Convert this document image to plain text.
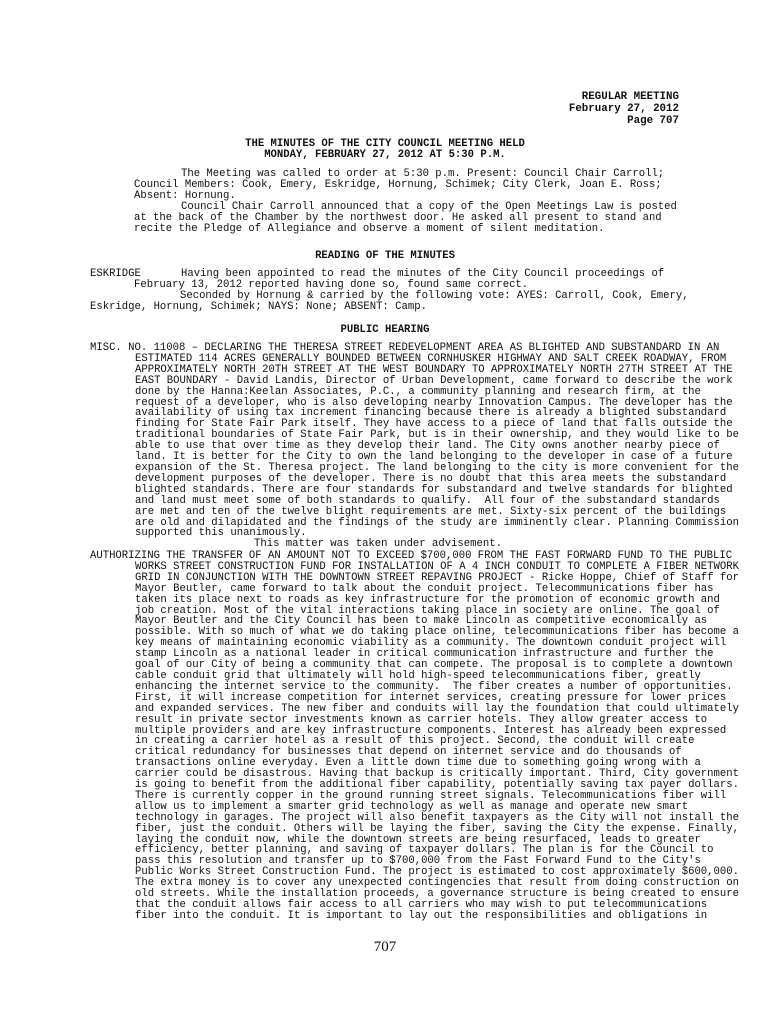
REGULAR MEETING
February 27, 2012
Page 707
THE MINUTES OF THE CITY COUNCIL MEETING HELD
MONDAY, FEBRUARY 27, 2012 AT 5:30 P.M.

The Meeting was called to order at 5:30 p.m. Present: Council Chair Carroll; Council Members: Cook, Emery, Eskridge, Hornung, Schimek; City Clerk, Joan E. Ross; Absent: Hornung.

Council Chair Carroll announced that a copy of the Open Meetings Law is posted at the back of the Chamber by the northwest door. He asked all present to stand and recite the Pledge of Allegiance and observe a moment of silent meditation.

READING OF THE MINUTES
ESKRIDGE	Having been appointed to read the minutes of the City Council proceedings of February 13, 2012 reported having done so, found same correct.

Seconded by Hornung & carried by the following vote: AYES: Carroll, Cook, Emery, Eskridge, Hornung, Schimek; NAYS: None; ABSENT: Camp.

PUBLIC HEARING

MISC. NO. 11008 – DECLARING THE THERESA STREET REDEVELOPMENT AREA AS BLIGHTED AND SUBSTANDARD IN AN ESTIMATED 114 ACRES GENERALLY BOUNDED BETWEEN CORNHUSKER HIGHWAY AND SALT CREEK ROADWAY, FROM APPROXIMATELY NORTH 20TH STREET AT THE WEST BOUNDARY TO APPROXIMATELY NORTH 27TH STREET AT THE EAST BOUNDARY - David Landis, Director of Urban Development, came forward to describe the work done by the Hanna:Keelan Associates, P.C., a community planning and research firm, at the request of a developer, who is also developing nearby Innovation Campus. The developer has the availability of using tax increment financing because there is already a blighted substandard finding for State Fair Park itself. They have access to a piece of land that falls outside the traditional boundaries of State Fair Park, but is in their ownership, and they would like to be able to use that over time as they develop their land. The City owns another nearby piece of land. It is better for the City to own the land belonging to the developer in case of a future expansion of the St. Theresa project. The land belonging to the city is more convenient for the development purposes of the developer. There is no doubt that this area meets the substandard blighted standards. There are four standards for substandard and twelve standards for blighted and land must meet some of both standards to qualify.  All four of the substandard standards are met and ten of the twelve blight requirements are met. Sixty-six percent of the buildings are old and dilapidated and the findings of the study are imminently clear. Planning Commission supported this unanimously.

This matter was taken under advisement.

AUTHORIZING THE TRANSFER OF AN AMOUNT NOT TO EXCEED $700,000 FROM THE FAST FORWARD FUND TO THE PUBLIC WORKS STREET CONSTRUCTION FUND FOR INSTALLATION OF A 4 INCH CONDUIT TO COMPLETE A FIBER NETWORK GRID IN CONJUNCTION WITH THE DOWNTOWN STREET REPAVING PROJECT - Ricke Hoppe, Chief of Staff for Mayor Beutler, came forward to talk about the conduit project. Telecommunications fiber has taken its place next to roads as key infrastructure for the promotion of economic growth and job creation. Most of the vital interactions taking place in society are online. The goal of Mayor Beutler and the City Council has been to make Lincoln as competitive economically as possible. With so much of what we do taking place online, telecommunications fiber has become a key means of maintaining economic viability as a community. The downtown conduit project will stamp Lincoln as a national leader in critical communication infrastructure and further the goal of our City of being a community that can compete. The proposal is to complete a downtown cable conduit grid that ultimately will hold high-speed telecommunications fiber, greatly enhancing the internet service to the community.  The fiber creates a number of opportunities. First, it will increase competition for internet services, creating pressure for lower prices and expanded services. The new fiber and conduits will lay the foundation that could ultimately result in private sector investments known as carrier hotels. They allow greater access to multiple providers and are key infrastructure components. Interest has already been expressed in creating a carrier hotel as a result of this project. Second, the conduit will create critical redundancy for businesses that depend on internet service and do thousands of transactions online everyday. Even a little down time due to something going wrong with a carrier could be disastrous. Having that backup is critically important. Third, City government is going to benefit from the additional fiber capability, potentially saving tax payer dollars. There is currently copper in the ground running street signals. Telecommunications fiber will allow us to implement a smarter grid technology as well as manage and operate new smart technology in garages. The project will also benefit taxpayers as the City will not install the fiber, just the conduit. Others will be laying the fiber, saving the City the expense. Finally, laying the conduit now, while the downtown streets are being resurfaced, leads to greater efficiency, better planning, and saving of taxpayer dollars. The plan is for the Council to pass this resolution and transfer up to $700,000 from the Fast Forward Fund to the City's Public Works Street Construction Fund. The project is estimated to cost approximately $600,000. The extra money is to cover any unexpected contingencies that result from doing construction on old streets. While the installation proceeds, a governance structure is being created to ensure that the conduit allows fair access to all carriers who may wish to put telecommunications fiber into the conduit. It is important to lay out the responsibilities and obligations in

707
